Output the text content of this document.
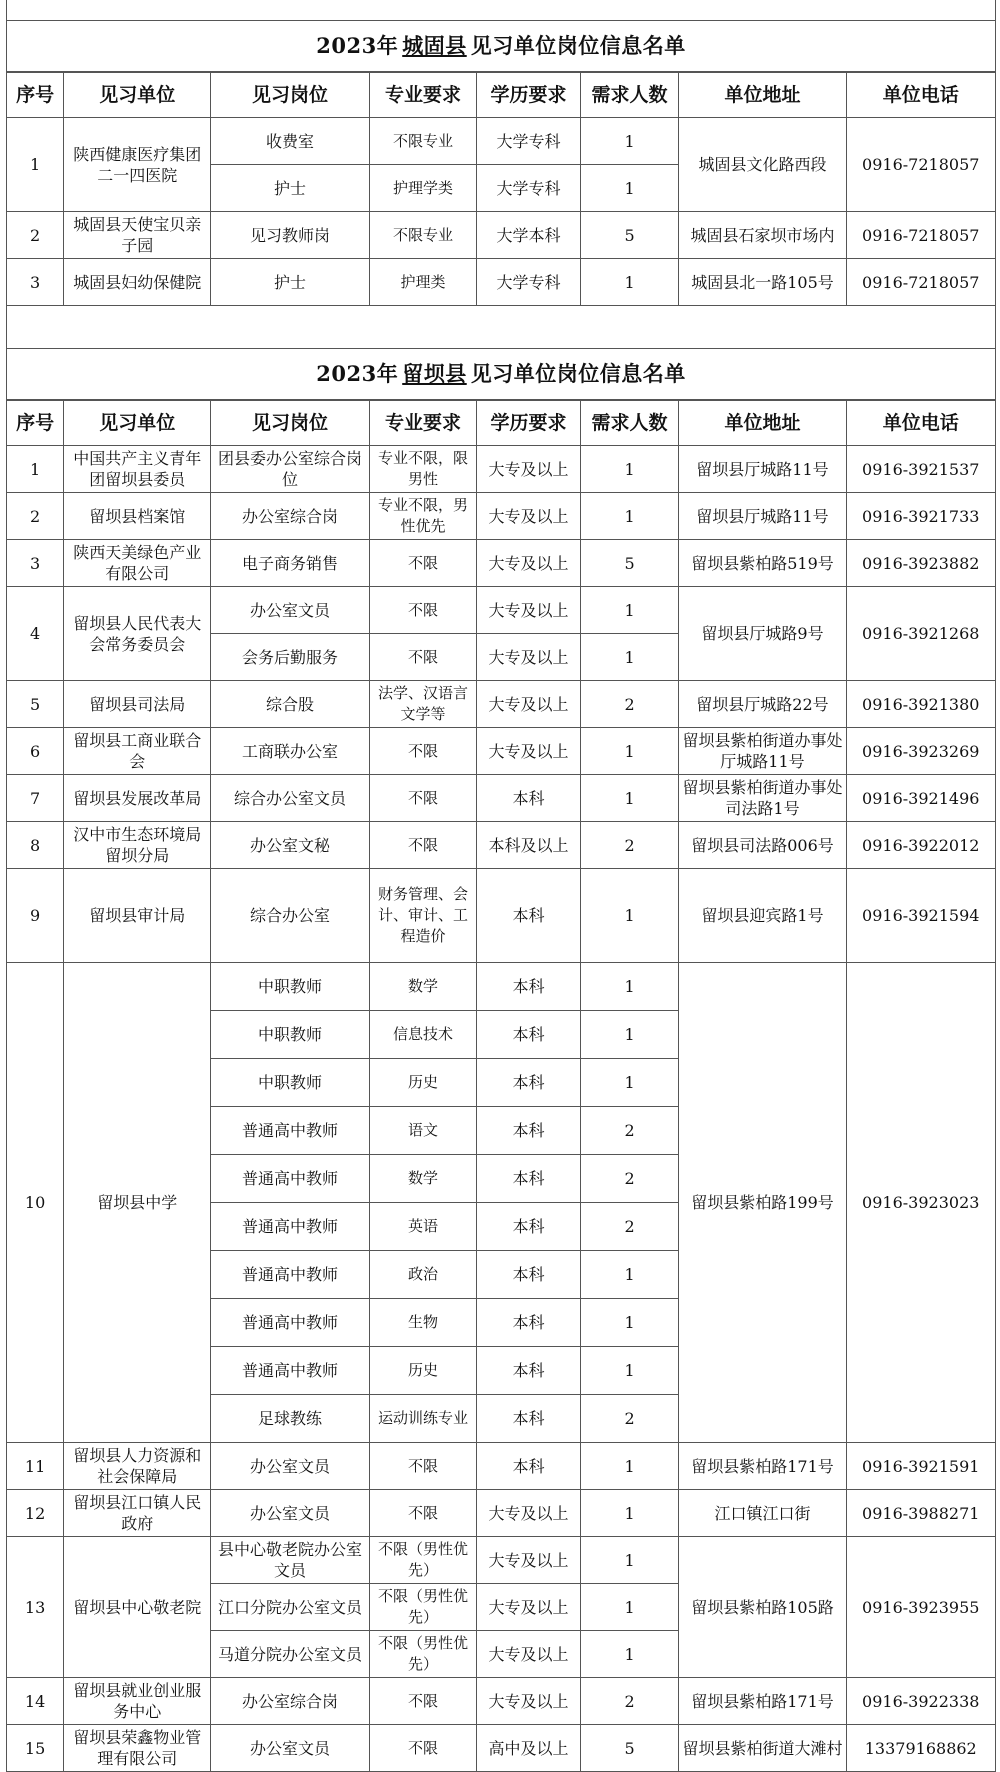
2023年 城固县 见习单位岗位信息名单
序号	见习单位	见习岗位	专业要求	学历要求	需求人数	单位地址	单位电话
1	陕西健康医疗集团二一四医院	收费室	不限专业	大学专科	1	城固县文化路西段	0916-7218057
		护士	护理学类	大学专科	1		
2	城固县天使宝贝亲子园	见习教师岗	不限专业	大学本科	5	城固县石家坝市场内	0916-7218057
3	城固县妇幼保健院	护士	护理类	大学专科	1	城固县北一路105号	0916-7218057
2023年 留坝县 见习单位岗位信息名单
序号	见习单位	见习岗位	专业要求	学历要求	需求人数	单位地址	单位电话
1	中国共产主义青年团留坝县委员	团县委办公室综合岗位	专业不限，限男性	大专及以上	1	留坝县厅城路11号	0916-3921537
2	留坝县档案馆	办公室综合岗	专业不限，男性优先	大专及以上	1	留坝县厅城路11号	0916-3921733
3	陕西天美绿色产业有限公司	电子商务销售	不限	大专及以上	5	留坝县紫柏路519号	0916-3923882
4	留坝县人民代表大会常务委员会	办公室文员	不限	大专及以上	1	留坝县厅城路9号	0916-3921268
		会务后勤服务	不限	大专及以上	1		
5	留坝县司法局	综合股	法学、汉语言文学等	大专及以上	2	留坝县厅城路22号	0916-3921380
6	留坝县工商业联合会	工商联办公室	不限	大专及以上	1	留坝县紫柏街道办事处厅城路11号	0916-3923269
7	留坝县发展改革局	综合办公室文员	不限	本科	1	留坝县紫柏街道办事处司法路1号	0916-3921496
8	汉中市生态环境局留坝分局	办公室文秘	不限	本科及以上	2	留坝县司法路006号	0916-3922012
9	留坝县审计局	综合办公室	财务管理、会计、审计、工程造价	本科	1	留坝县迎宾路1号	0916-3921594
10	留坝县中学	中职教师	数学	本科	1	留坝县紫柏路199号	0916-3923023
		中职教师	信息技术	本科	1		
		中职教师	历史	本科	1		
		普通高中教师	语文	本科	2		
		普通高中教师	数学	本科	2		
		普通高中教师	英语	本科	2		
		普通高中教师	政治	本科	1		
		普通高中教师	生物	本科	1		
		普通高中教师	历史	本科	1		
		足球教练	运动训练专业	本科	2		
11	留坝县人力资源和社会保障局	办公室文员	不限	本科	1	留坝县紫柏路171号	0916-3921591
12	留坝县江口镇人民政府	办公室文员	不限	大专及以上	1	江口镇江口街	0916-3988271
13	留坝县中心敬老院	县中心敬老院办公室文员	不限（男性优先）	大专及以上	1	留坝县紫柏路105路	0916-3923955
		江口分院办公室文员	不限（男性优先）	大专及以上	1		
		马道分院办公室文员	不限（男性优先）	大专及以上	1		
14	留坝县就业创业服务中心	办公室综合岗	不限	大专及以上	2	留坝县紫柏路171号	0916-3922338
15	留坝县荣鑫物业管理有限公司	办公室文员	不限	高中及以上	5	留坝县紫柏街道大滩村	13379168862
